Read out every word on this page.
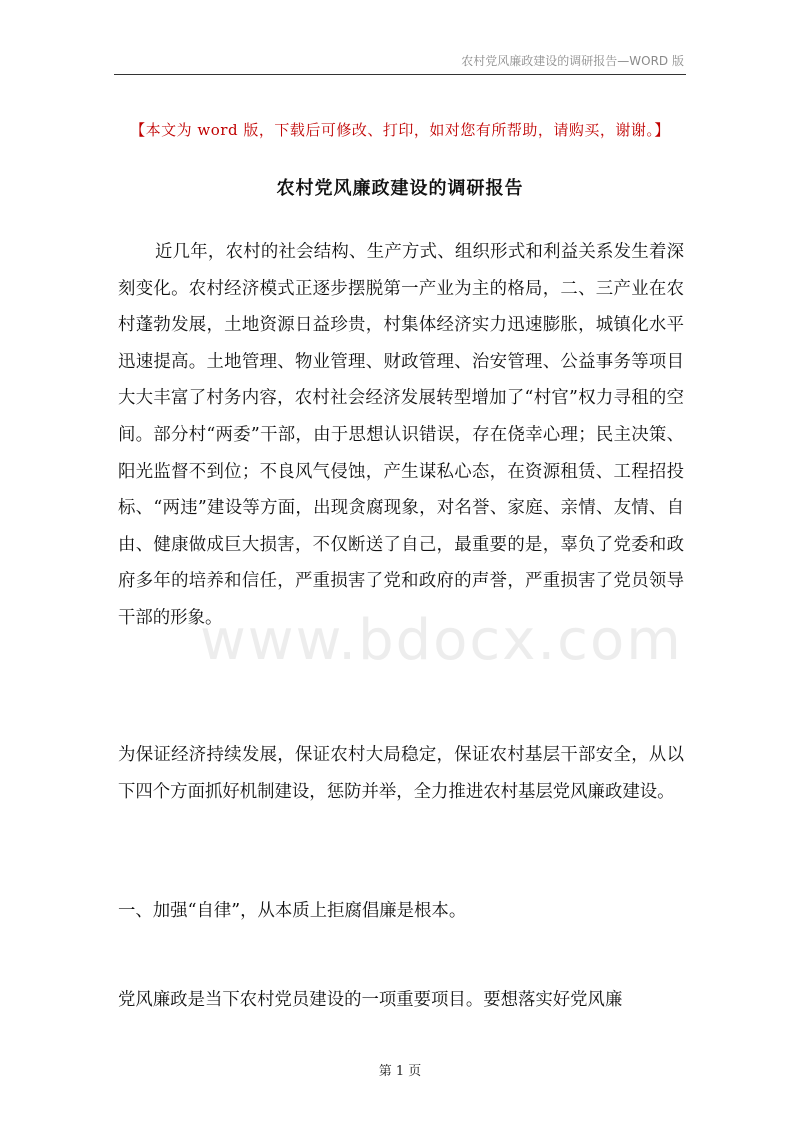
农村党风廉政建设的调研报告—WORD 版
【本文为 word 版，下载后可修改、打印，如对您有所帮助，请购买，谢谢。】
农村党风廉政建设的调研报告
近几年，农村的社会结构、生产方式、组织形式和利益关系发生着深刻变化。农村经济模式正逐步摆脱第一产业为主的格局，二、三产业在农村蓬勃发展，土地资源日益珍贵，村集体经济实力迅速膨胀，城镇化水平迅速提高。土地管理、物业管理、财政管理、治安管理、公益事务等项目大大丰富了村务内容，农村社会经济发展转型增加了“村官”权力寻租的空间。部分村“两委”干部，由于思想认识错误，存在侥幸心理；民主决策、阳光监督不到位；不良风气侵蚀，产生谋私心态，在资源租赁、工程招投标、“两违”建设等方面，出现贪腐现象，对名誉、家庭、亲情、友情、自由、健康做成巨大损害，不仅断送了自己，最重要的是，辜负了党委和政府多年的培养和信任，严重损害了党和政府的声誉，严重损害了党员领导干部的形象。
为保证经济持续发展，保证农村大局稳定，保证农村基层干部安全，从以下四个方面抓好机制建设，惩防并举，全力推进农村基层党风廉政建设。
一、加强“自律”，从本质上拒腐倡廉是根本。
党风廉政是当下农村党员建设的一项重要项目。要想落实好党风廉
www.bdocx.com
第 1 页
